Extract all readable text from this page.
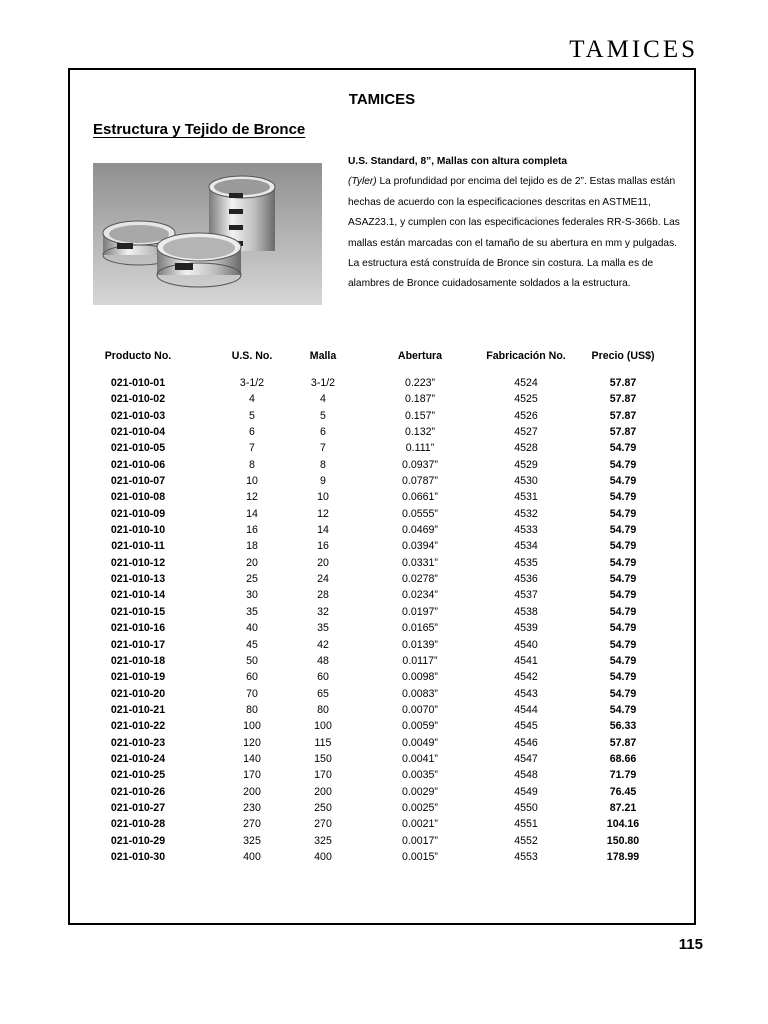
TAMICES
TAMICES
Estructura y Tejido de Bronce
U.S. Standard, 8”, Mallas con altura completa
(Tyler) La profundidad por encima del tejido es de 2”. Estas mallas están hechas de acuerdo con la especificaciones descritas en ASTME11, ASAZ23.1, y cumplen con las especificaciones federales RR-S-366b. Las mallas están marcadas con el tamaño de su abertura en mm y pulgadas. La estructura está construída de Bronce sin costura. La malla es de alambres de Bronce cuidadosamente soldados a la estructura.
Producto No.	U.S. No.	Malla	Abertura	Fabricación No.	Precio (US$)
021-010-01	3-1/2	3-1/2	0.223”	4524	57.87
021-010-02	4	4	0.187”	4525	57.87
021-010-03	5	5	0.157”	4526	57.87
021-010-04	6	6	0.132”	4527	57.87
021-010-05	7	7	0.111”	4528	54.79
021-010-06	8	8	0.0937”	4529	54.79
021-010-07	10	9	0.0787”	4530	54.79
021-010-08	12	10	0.0661”	4531	54.79
021-010-09	14	12	0.0555”	4532	54.79
021-010-10	16	14	0.0469”	4533	54.79
021-010-11	18	16	0.0394”	4534	54.79
021-010-12	20	20	0.0331”	4535	54.79
021-010-13	25	24	0.0278”	4536	54.79
021-010-14	30	28	0.0234”	4537	54.79
021-010-15	35	32	0.0197”	4538	54.79
021-010-16	40	35	0.0165”	4539	54.79
021-010-17	45	42	0.0139”	4540	54.79
021-010-18	50	48	0.0117”	4541	54.79
021-010-19	60	60	0.0098”	4542	54.79
021-010-20	70	65	0.0083”	4543	54.79
021-010-21	80	80	0.0070”	4544	54.79
021-010-22	100	100	0.0059”	4545	56.33
021-010-23	120	115	0.0049”	4546	57.87
021-010-24	140	150	0.0041”	4547	68.66
021-010-25	170	170	0.0035”	4548	71.79
021-010-26	200	200	0.0029”	4549	76.45
021-010-27	230	250	0.0025”	4550	87.21
021-010-28	270	270	0.0021”	4551	104.16
021-010-29	325	325	0.0017”	4552	150.80
021-010-30	400	400	0.0015”	4553	178.99
115
